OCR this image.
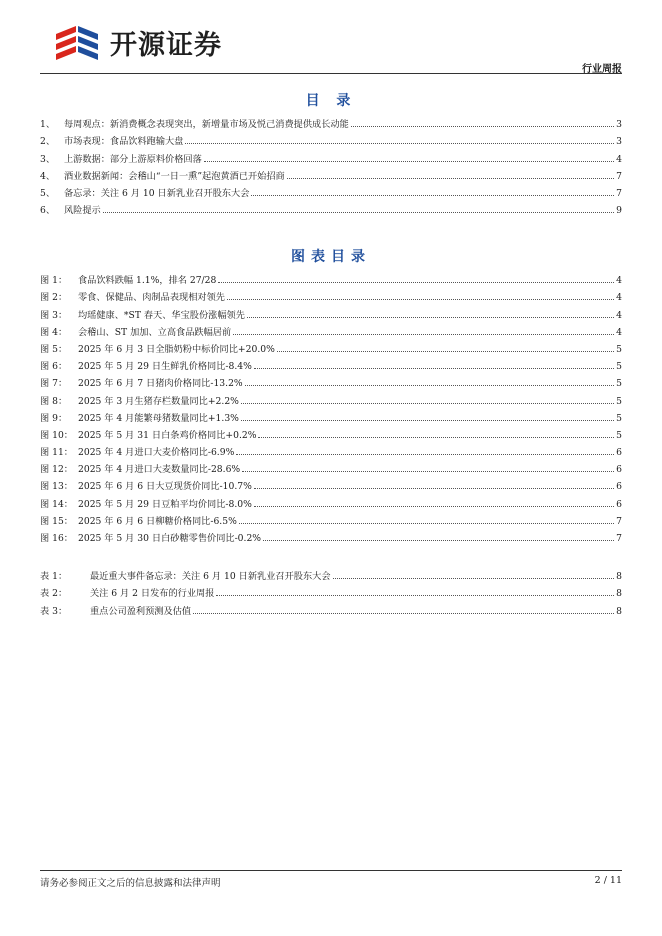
开源证券
行业周报
目 录
1、 每周观点：新消费概念表现突出，新增量市场及悦己消费提供成长动能	3
2、 市场表现：食品饮料跑输大盘	3
3、 上游数据：部分上游原料价格回落	4
4、 酒业数据新闻：会稽山“一日一熏”起泡黄酒已开始招商	7
5、 备忘录：关注 6 月 10 日新乳业召开股东大会	7
6、 风险提示	9
图表目录
图 1：	食品饮料跌幅 1.1%，排名 27/28	4
图 2：	零食、保健品、肉制品表现相对领先	4
图 3：	均瑶健康、*ST 春天、华宝股份涨幅领先	4
图 4：	会稽山、ST 加加、立高食品跌幅居前	4
图 5：	2025 年 6 月 3 日全脂奶粉中标价同比+20.0%	5
图 6：	2025 年 5 月 29 日生鲜乳价格同比-8.4%	5
图 7：	2025 年 6 月 7 日猪肉价格同比-13.2%	5
图 8：	2025 年 3 月生猪存栏数量同比+2.2%	5
图 9：	2025 年 4 月能繁母猪数量同比+1.3%	5
图 10： 2025 年 5 月 31 日白条鸡价格同比+0.2%	5
图 11： 2025 年 4 月进口大麦价格同比-6.9%	6
图 12： 2025 年 4 月进口大麦数量同比-28.6%	6
图 13： 2025 年 6 月 6 日大豆现货价同比-10.7%	6
图 14： 2025 年 5 月 29 日豆粕平均价同比-8.0%	6
图 15： 2025 年 6 月 6 日柳糖价格同比-6.5%	7
图 16： 2025 年 5 月 30 日白砂糖零售价同比-0.2%	7
表 1：	最近重大事件备忘录：关注 6 月 10 日新乳业召开股东大会	8
表 2：	关注 6 月 2 日发布的行业周报	8
表 3：	重点公司盈利预测及估值	8
请务必参阅正文之后的信息披露和法律声明	2 / 11
